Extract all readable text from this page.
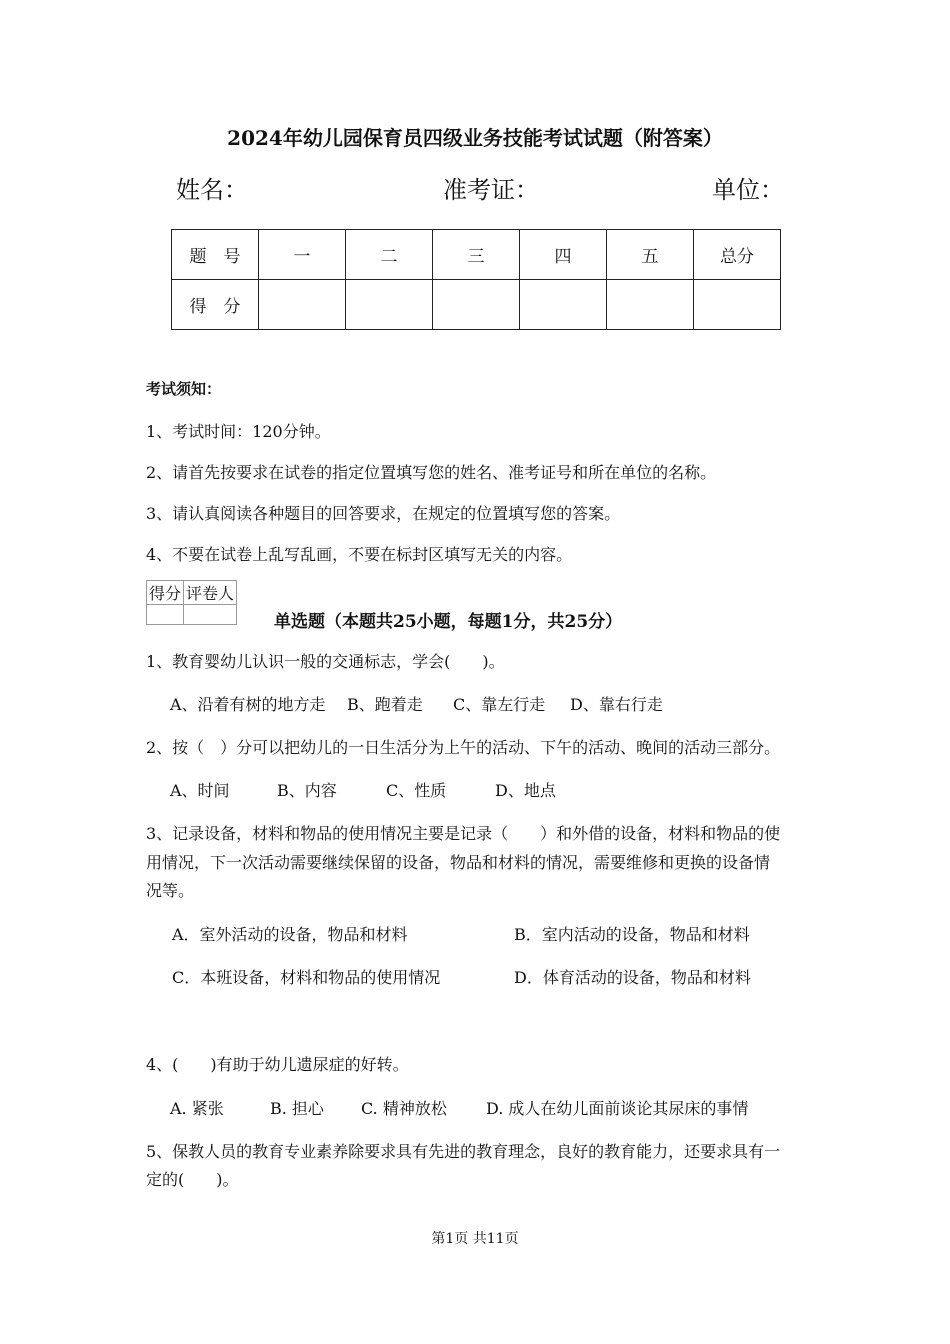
2024年幼儿园保育员四级业务技能考试试题（附答案）
姓名：	准考证：	单位：
题　号	一	二	三	四	五	总分
得　分						
考试须知：
1、考试时间：120分钟。
2、请首先按要求在试卷的指定位置填写您的姓名、准考证号和所在单位的名称。
3、请认真阅读各种题目的回答要求，在规定的位置填写您的答案。
4、不要在试卷上乱写乱画，不要在标封区填写无关的内容。
得分	评卷人

单选题（本题共25小题，每题1分，共25分）
1、教育婴幼儿认识一般的交通标志，学会(　　)。
A、沿着有树的地方走 B、跑着走 C、靠左行走 D、靠右行走
2、按（　）分可以把幼儿的一日生活分为上午的活动、下午的活动、晚间的活动三部分。
A、时间	B、内容	C、性质	D、地点
3、记录设备，材料和物品的使用情况主要是记录（　　）和外借的设备，材料和物品的使
用情况，下一次活动需要继续保留的设备，物品和材料的情况，需要维修和更换的设备情
况等。
A．室外活动的设备，物品和材料	B．室内活动的设备，物品和材料
C．本班设备，材料和物品的使用情况	D．体育活动的设备，物品和材料
4、(　　)有助于幼儿遗尿症的好转。
A. 紧张	B. 担心 C. 精神放松 D. 成人在幼儿面前谈论其尿床的事情
5、保教人员的教育专业素养除要求具有先进的教育理念，良好的教育能力，还要求具有一
定的(　　)。
第1页 共11页
